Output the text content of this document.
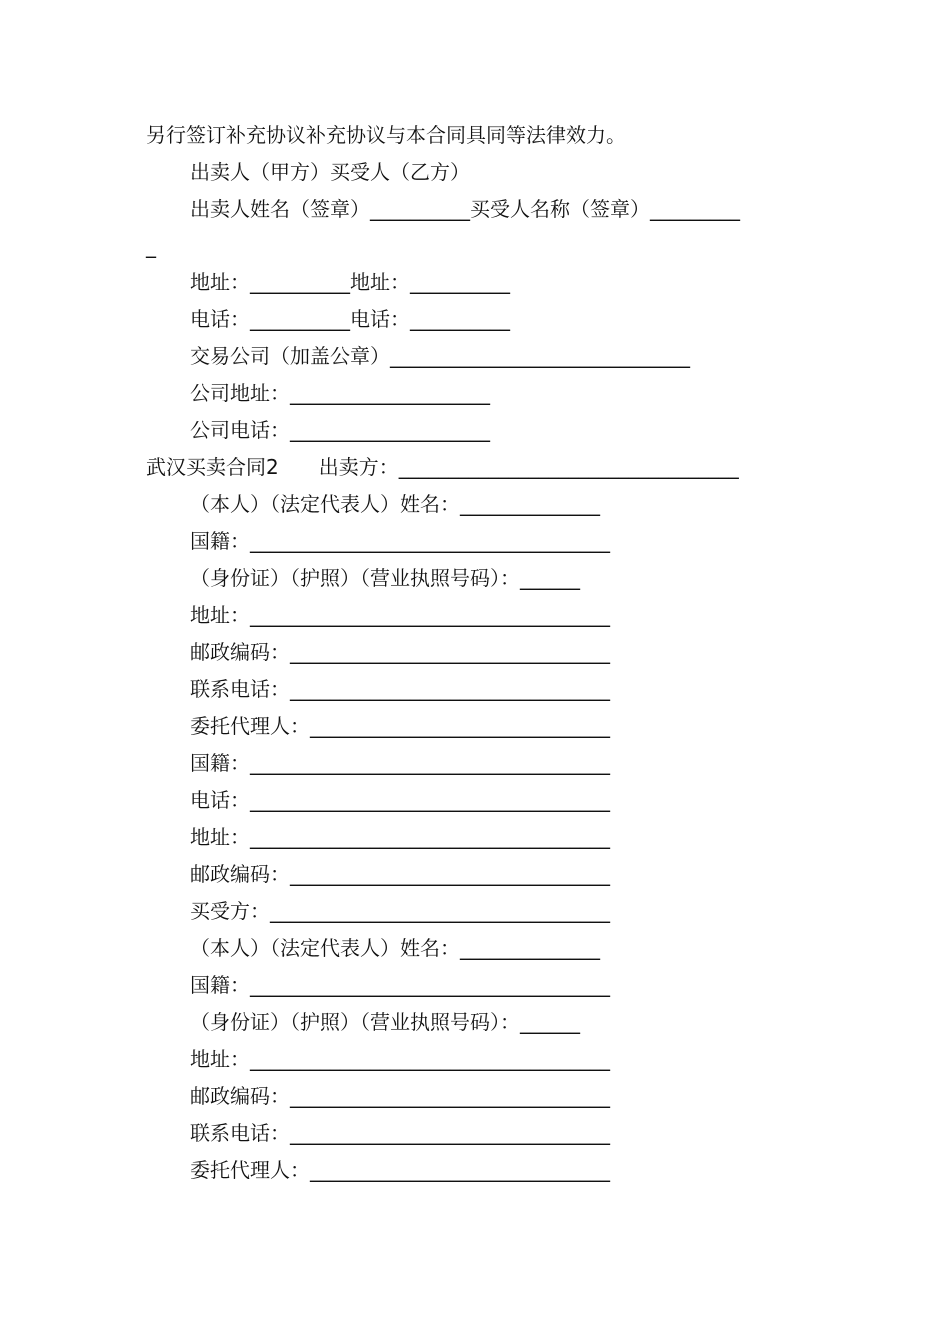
另行签订补充协议补充协议与本合同具同等法律效力。
出卖人（甲方）买受人（乙方）
出卖人姓名（签章）__________买受人名称（签章）_________
_
地址：__________地址：__________
电话：__________电话：__________
交易公司（加盖公章）______________________________
公司地址：____________________
公司电话：____________________
武汉买卖合同2　　出卖方：__________________________________
（本人）（法定代表人）姓名：______________
国籍：____________________________________
（身份证）（护照）（营业执照号码）：______
地址：____________________________________
邮政编码：________________________________
联系电话：________________________________
委托代理人：______________________________
国籍：____________________________________
电话：____________________________________
地址：____________________________________
邮政编码：________________________________
买受方：__________________________________
（本人）（法定代表人）姓名：______________
国籍：____________________________________
（身份证）（护照）（营业执照号码）：______
地址：____________________________________
邮政编码：________________________________
联系电话：________________________________
委托代理人：______________________________
